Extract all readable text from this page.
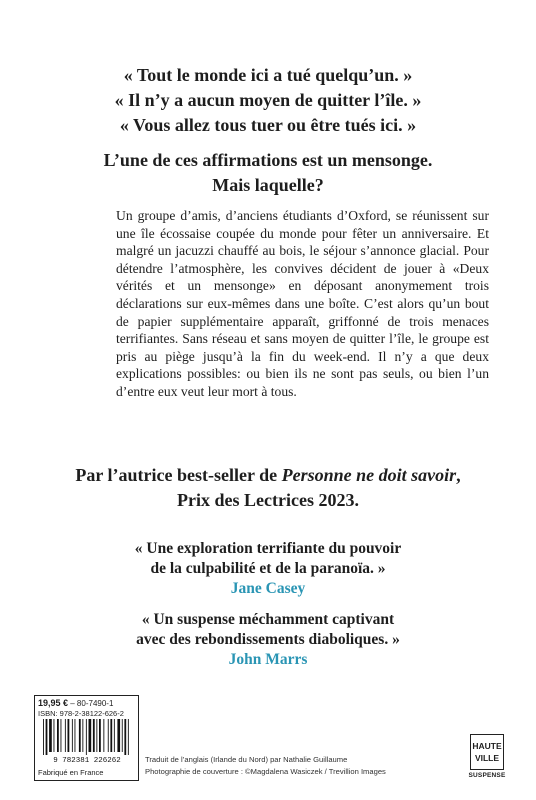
« Tout le monde ici a tué quelqu’un. »
« Il n’y a aucun moyen de quitter l’île. »
« Vous allez tous tuer ou être tués ici. »
L’une de ces affirmations est un mensonge.
Mais laquelle?

Un groupe d’amis, d’anciens étudiants d’Oxford, se réunissent sur une île écossaise coupée du monde pour fêter un anniversaire. Et malgré un jacuzzi chauffé au bois, le séjour s’annonce glacial. Pour détendre l’atmosphère, les convives décident de jouer à «Deux vérités et un mensonge» en déposant anonymement trois déclarations sur eux-mêmes dans une boîte. C’est alors qu’un bout de papier supplémentaire apparaît, griffonné de trois menaces terrifiantes. Sans réseau et sans moyen de quitter l’île, le groupe est pris au piège jusqu’à la fin du week-end. Il n’y a que deux explications possibles: ou bien ils ne sont pas seuls, ou bien l’un d’entre eux veut leur mort à tous.

Par l’autrice best-seller de Personne ne doit savoir,
Prix des Lectrices 2023.
« Une exploration terrifiante du pouvoir
de la culpabilité et de la paranoïa. »
Jane Casey
« Un suspense méchamment captivant
avec des rebondissements diaboliques. »
John Marrs
19,95 € – 80-7490-1
ISBN: 978-2-38122-626-2
9 782381 226262
Fabriqué en France
Traduit de l’anglais (Irlande du Nord) par Nathalie Guillaume
Photographie de couverture : ©Magdalena Wasiczek / Trevillion Images
HAUTE
VILLE
SUSPENSE
